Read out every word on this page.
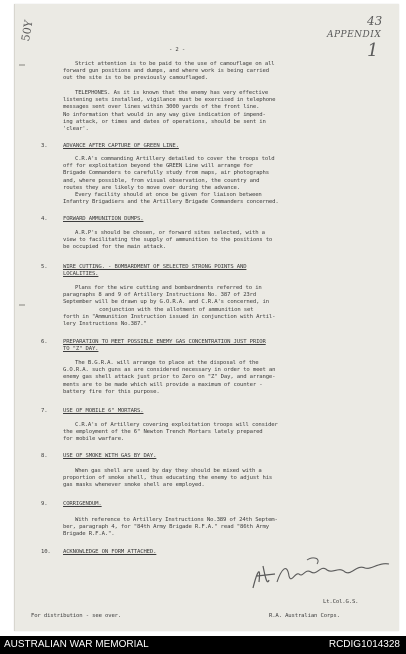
50Y	43
APPENDIX
1
- 2 -
Strict attention is to be paid to the use of camouflage on all
forward gun positions and dumps, and where work is being carried
out the site is to be previously camouflaged.
TELEPHONES. As it is known that the enemy has very effective
listening sets installed, vigilance must be exercised in telephone
messages sent over lines within 3000 yards of the front line.
No information that would in any way give indication of impend-
ing attack, or times and dates of operations, should be sent in
'clear'.
3.	ADVANCE AFTER CAPTURE OF GREEN LINE.
C.R.A's commanding Artillery detailed to cover the troops told
off for exploitation beyond the GREEN Line will arrange for
Brigade Commanders to carefully study from maps, air photographs
and, where possible, from visual observation, the country and
routes they are likely to move over during the advance.
Every facility should at once be given for liaison between
Infantry Brigadiers and the Artillery Brigade Commanders concerned.
4.	FORWARD AMMUNITION DUMPS.
A.R.P's should be chosen, or forward sites selected, with a
view to facilitating the supply of ammunition to the positions to
be occupied for the main attack.
5.	WIRE CUTTING. - BOMBARDMENT OF SELECTED STRONG POINTS AND
LOCALITIES.
Plans for the wire cutting and bombardments referred to in
paragraphs 8 and 9 of Artillery Instructions No. 387 of 23rd
September will be drawn up by G.O.R.A. and C.R.A's concerned, in
conjunction with the allotment of ammunition set
forth in "Ammunition Instruction issued in conjunction with Artil-
lery Instructions No.387."
6.	PREPARATION TO MEET POSSIBLE ENEMY GAS CONCENTRATION JUST PRIOR
TO "Z" DAY.
The B.G.R.A. will arrange to place at the disposal of the
G.O.R.A. such guns as are considered necessary in order to meet an
enemy gas shell attack just prior to Zero on "Z" Day, and arrange-
ments are to be made which will provide a maximum of counter -
battery fire for this purpose.
7.	USE OF MOBILE 6" MORTARS.
C.R.A's of Artillery covering exploitation troops will consider
the employment of the 6" Newton Trench Mortars lately prepared
for mobile warfare.
8.	USE OF SMOKE WITH GAS BY DAY.
When gas shell are used by day they should be mixed with a
proportion of smoke shell, thus educating the enemy to adjust his
gas masks whenever smoke shell are employed.
9.	CORRIGENDUM.
With reference to Artillery Instructions No.389 of 24th Septem-
ber, paragraph 4, for "84th Army Brigade R.F.A." read "86th Army
Brigade R.F.A.".
10. ACKNOWLEDGE ON FORM ATTACHED.
Lt.Col.G.S.
For distribution - see over.	R.A. Australian Corps.
AUSTRALIAN WAR MEMORIAL	RCDIG1014328
